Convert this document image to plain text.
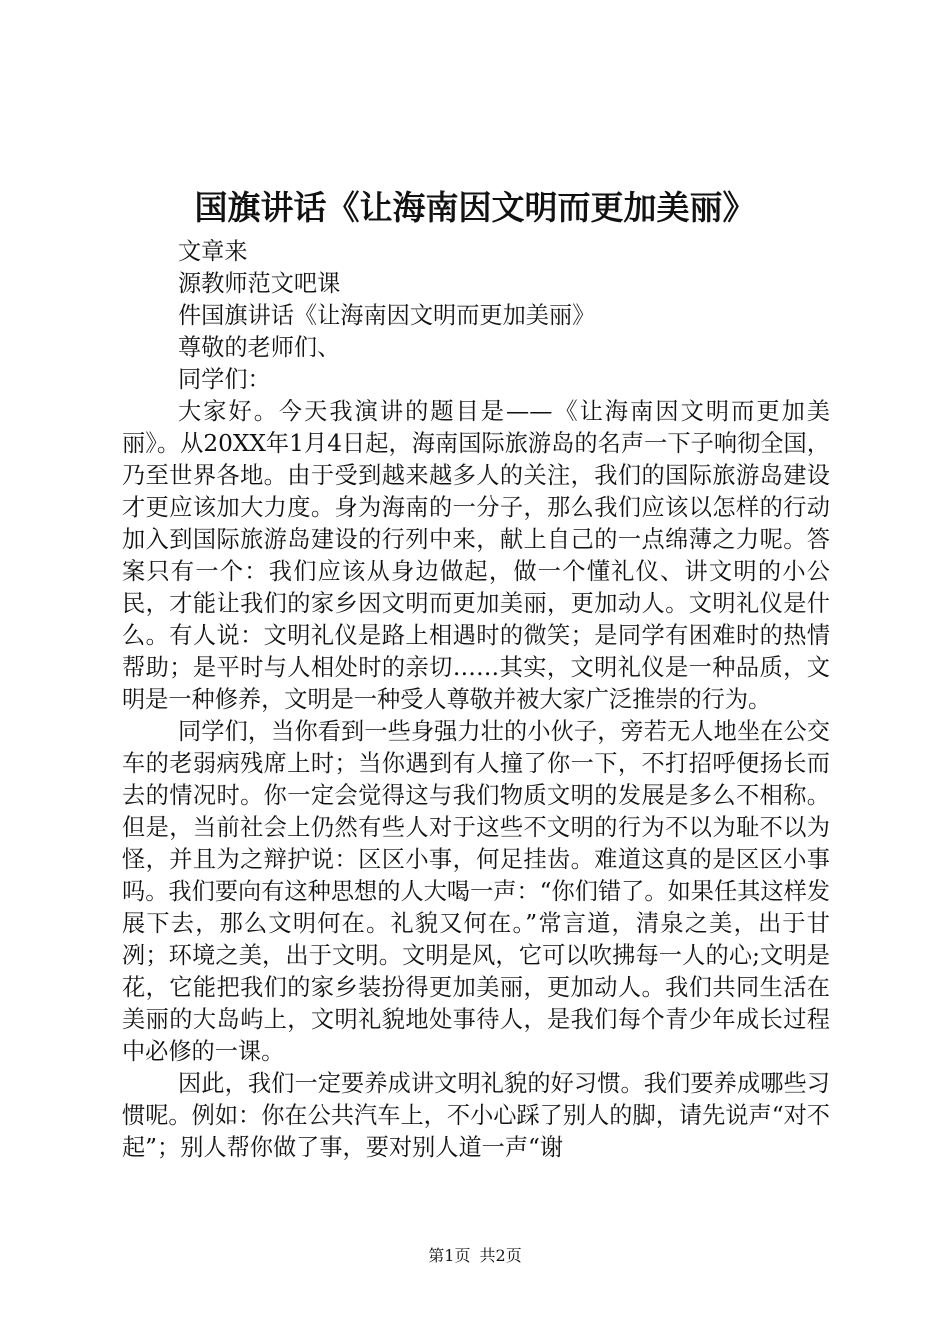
国旗讲话《让海南因文明而更加美丽》

文章来

源教师范文吧课

件国旗讲话《让海南因文明而更加美丽》

尊敬的老师们、

同学们：

大家好。今天我演讲的题目是——《让海南因文明而更加美丽》。从20XX年1月4日起，海南国际旅游岛的名声一下子响彻全国，乃至世界各地。由于受到越来越多人的关注，我们的国际旅游岛建设才更应该加大力度。身为海南的一分子，那么我们应该以怎样的行动加入到国际旅游岛建设的行列中来，献上自己的一点绵薄之力呢。答案只有一个：我们应该从身边做起，做一个懂礼仪、讲文明的小公民，才能让我们的家乡因文明而更加美丽，更加动人。文明礼仪是什么。有人说：文明礼仪是路上相遇时的微笑；是同学有困难时的热情帮助；是平时与人相处时的亲切……其实，文明礼仪是一种品质，文明是一种修养，文明是一种受人尊敬并被大家广泛推崇的行为。

同学们，当你看到一些身强力壮的小伙子，旁若无人地坐在公交车的老弱病残席上时；当你遇到有人撞了你一下，不打招呼便扬长而去的情况时。你一定会觉得这与我们物质文明的发展是多么不相称。但是，当前社会上仍然有些人对于这些不文明的行为不以为耻不以为怪，并且为之辩护说：区区小事，何足挂齿。难道这真的是区区小事吗。我们要向有这种思想的人大喝一声：“你们错了。如果任其这样发展下去，那么文明何在。礼貌又何在。”常言道，清泉之美，出于甘冽；环境之美，出于文明。文明是风，它可以吹拂每一人的心;文明是花，它能把我们的家乡装扮得更加美丽，更加动人。我们共同生活在美丽的大岛屿上，文明礼貌地处事待人，是我们每个青少年成长过程中必修的一课。

因此，我们一定要养成讲文明礼貌的好习惯。我们要养成哪些习惯呢。例如：你在公共汽车上，不小心踩了别人的脚，请先说声“对不起”；别人帮你做了事，要对别人道一声“谢

第1页 共2页
